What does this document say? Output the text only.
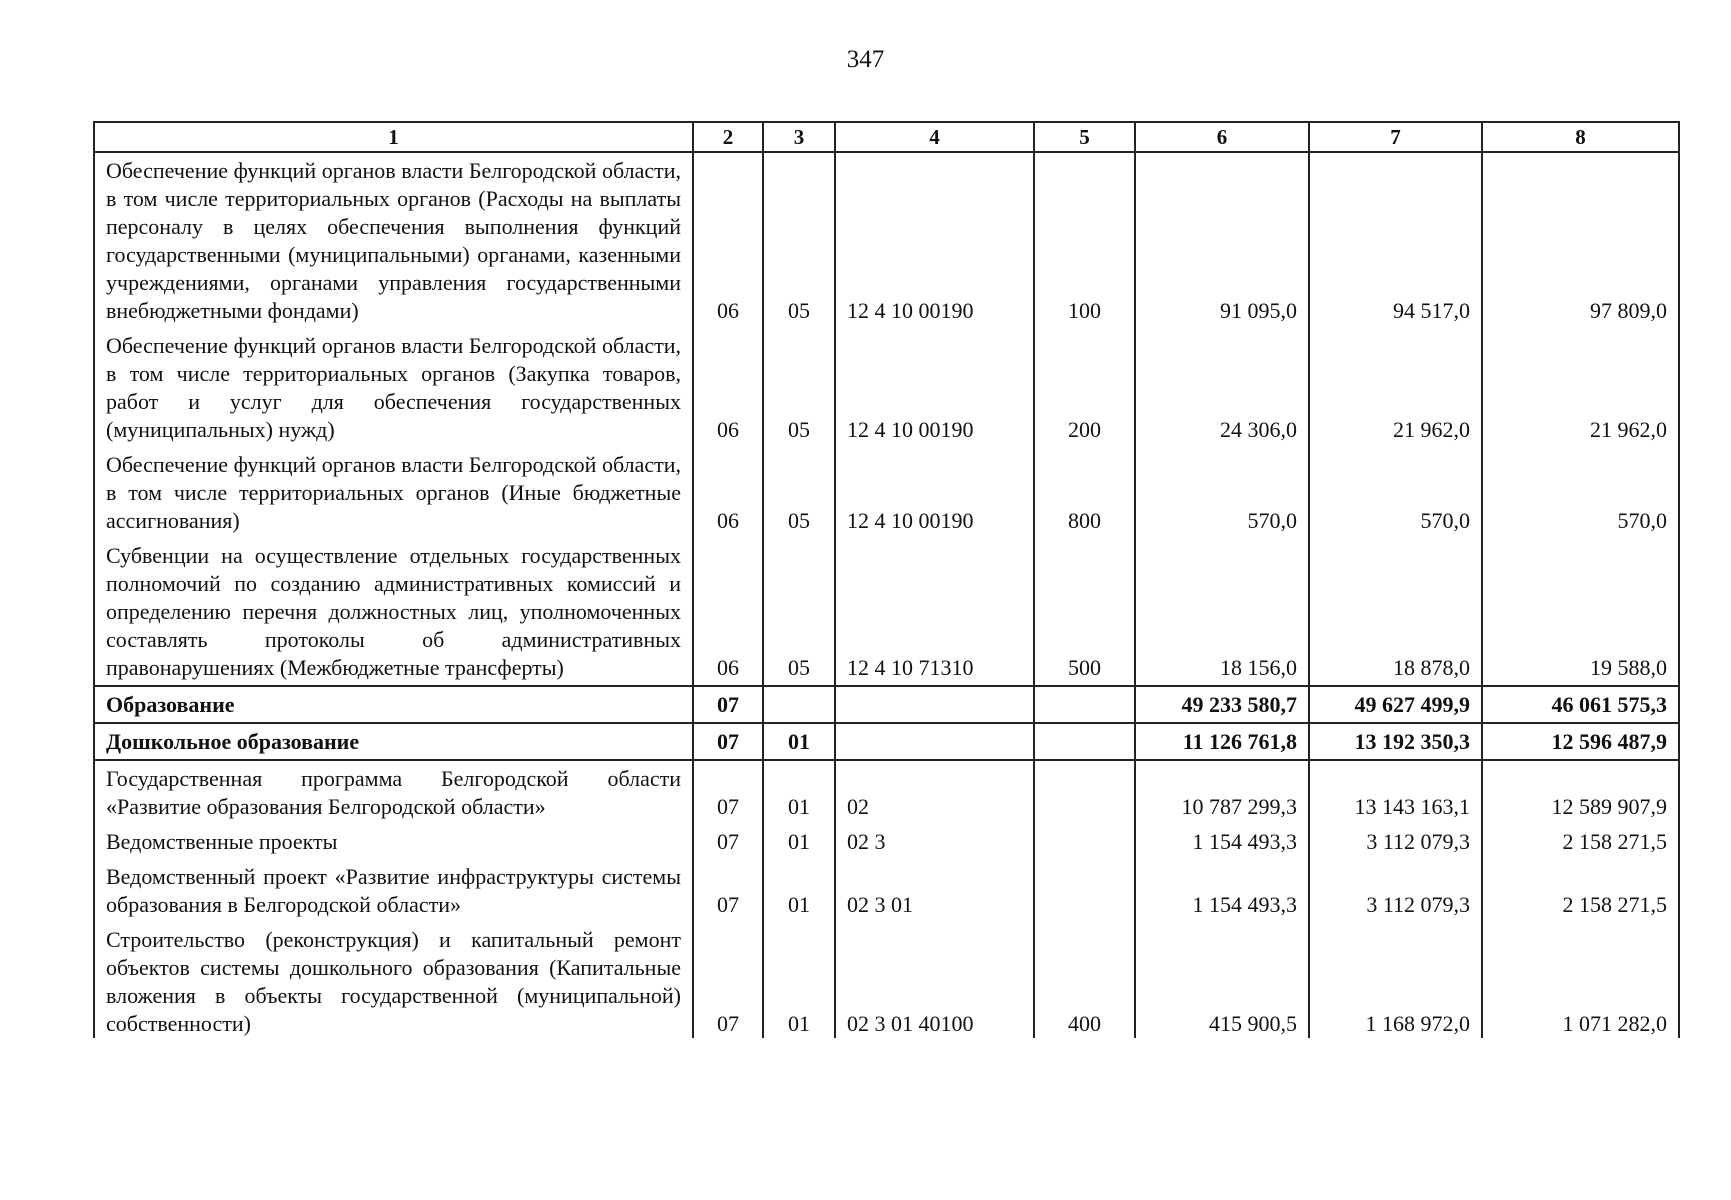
347
1	2	3	4	5	6	7	8
Обеспечение функций органов власти Белгородской области, в том числе территориальных органов (Расходы на выплаты персоналу в целях обеспечения выполнения функций государственными (муниципальными) органами, казенными учреждениями, органами управления государственными внебюджетными фондами)	06	05	12 4 10 00190	100	91 095,0	94 517,0	97 809,0
Обеспечение функций органов власти Белгородской области, в том числе территориальных органов (Закупка товаров, работ и услуг для обеспечения государственных (муниципальных) нужд)	06	05	12 4 10 00190	200	24 306,0	21 962,0	21 962,0
Обеспечение функций органов власти Белгородской области, в том числе территориальных органов (Иные бюджетные ассигнования)	06	05	12 4 10 00190	800	570,0	570,0	570,0
Субвенции на осуществление отдельных государственных полномочий по созданию административных комиссий и определению перечня должностных лиц, уполномоченных составлять протоколы об административных правонарушениях (Межбюджетные трансферты)	06	05	12 4 10 71310	500	18 156,0	18 878,0	19 588,0
Образование	07				49 233 580,7	49 627 499,9	46 061 575,3
Дошкольное образование	07	01			11 126 761,8	13 192 350,3	12 596 487,9
Государственная программа Белгородской области «Развитие образования Белгородской области»	07	01	02		10 787 299,3	13 143 163,1	12 589 907,9
Ведомственные проекты	07	01	02 3		1 154 493,3	3 112 079,3	2 158 271,5
Ведомственный проект «Развитие инфраструктуры системы образования в Белгородской области»	07	01	02 3 01		1 154 493,3	3 112 079,3	2 158 271,5
Строительство (реконструкция) и капитальный ремонт объектов системы дошкольного образования (Капитальные вложения в объекты государственной (муниципальной) собственности)	07	01	02 3 01 40100	400	415 900,5	1 168 972,0	1 071 282,0
